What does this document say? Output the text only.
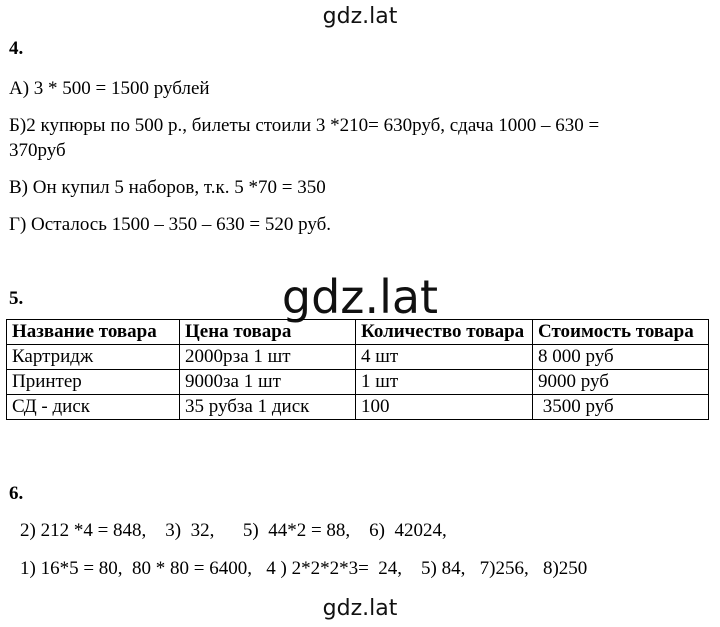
gdz.lat
4.
А) 3 * 500 = 1500 рублей
Б)2 купюры по 500 р., билеты стоили 3 *210= 630руб, сдача 1000 – 630 =
370руб
В) Он купил 5 наборов, т.к. 5 *70 = 350
Г) Осталось 1500 – 350 – 630 = 520 руб.
gdz.lat
5.
Название товара	Цена товара	Количество товара	Стоимость товара
Картридж	2000рза 1 шт	4 шт	8 000 руб
Принтер	9000за 1 шт	1 шт	9000 руб
СД - диск	35 рубза 1 диск	100	3500 руб
6.
2) 212 *4 = 848,    3)  32,      5)  44*2 = 88,    6)  42024,
1) 16*5 = 80,  80 * 80 = 6400,   4 ) 2*2*2*3=  24,    5) 84,   7)256,   8)250
gdz.lat
